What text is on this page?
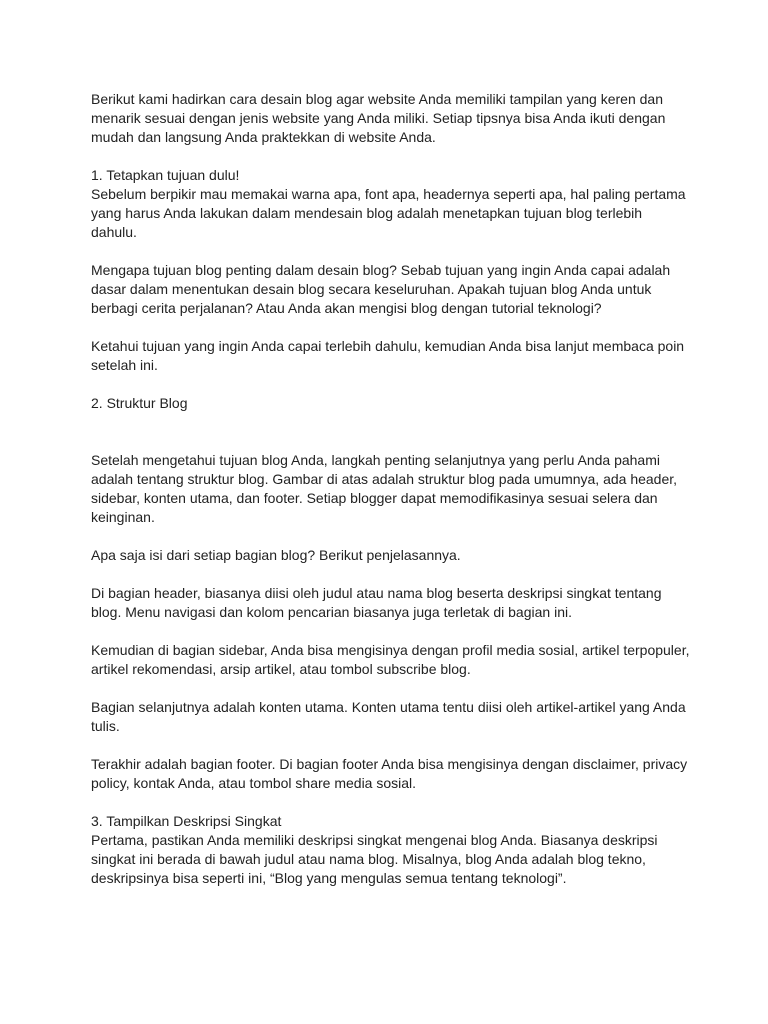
Berikut kami hadirkan cara desain blog agar website Anda memiliki tampilan yang keren dan menarik sesuai dengan jenis website yang Anda miliki. Setiap tipsnya bisa Anda ikuti dengan mudah dan langsung Anda praktekkan di website Anda.

1. Tetapkan tujuan dulu!

Sebelum berpikir mau memakai warna apa, font apa, headernya seperti apa, hal paling pertama yang harus Anda lakukan dalam mendesain blog adalah menetapkan tujuan blog terlebih dahulu.

Mengapa tujuan blog penting dalam desain blog? Sebab tujuan yang ingin Anda capai adalah dasar dalam menentukan desain blog secara keseluruhan. Apakah tujuan blog Anda untuk berbagi cerita perjalanan? Atau Anda akan mengisi blog dengan tutorial teknologi?

Ketahui tujuan yang ingin Anda capai terlebih dahulu, kemudian Anda bisa lanjut membaca poin setelah ini.

2. Struktur Blog

Setelah mengetahui tujuan blog Anda, langkah penting selanjutnya yang perlu Anda pahami adalah tentang struktur blog. Gambar di atas adalah struktur blog pada umumnya, ada header, sidebar, konten utama, dan footer. Setiap blogger dapat memodifikasinya sesuai selera dan keinginan.

Apa saja isi dari setiap bagian blog? Berikut penjelasannya.

Di bagian header, biasanya diisi oleh judul atau nama blog beserta deskripsi singkat tentang blog. Menu navigasi dan kolom pencarian biasanya juga terletak di bagian ini.

Kemudian di bagian sidebar, Anda bisa mengisinya dengan profil media sosial, artikel terpopuler, artikel rekomendasi, arsip artikel, atau tombol subscribe blog.

Bagian selanjutnya adalah konten utama. Konten utama tentu diisi oleh artikel-artikel yang Anda tulis.

Terakhir adalah bagian footer. Di bagian footer Anda bisa mengisinya dengan disclaimer, privacy policy, kontak Anda, atau tombol share media sosial.

3. Tampilkan Deskripsi Singkat

Pertama, pastikan Anda memiliki deskripsi singkat mengenai blog Anda. Biasanya deskripsi singkat ini berada di bawah judul atau nama blog. Misalnya, blog Anda adalah blog tekno, deskripsinya bisa seperti ini, “Blog yang mengulas semua tentang teknologi”.
